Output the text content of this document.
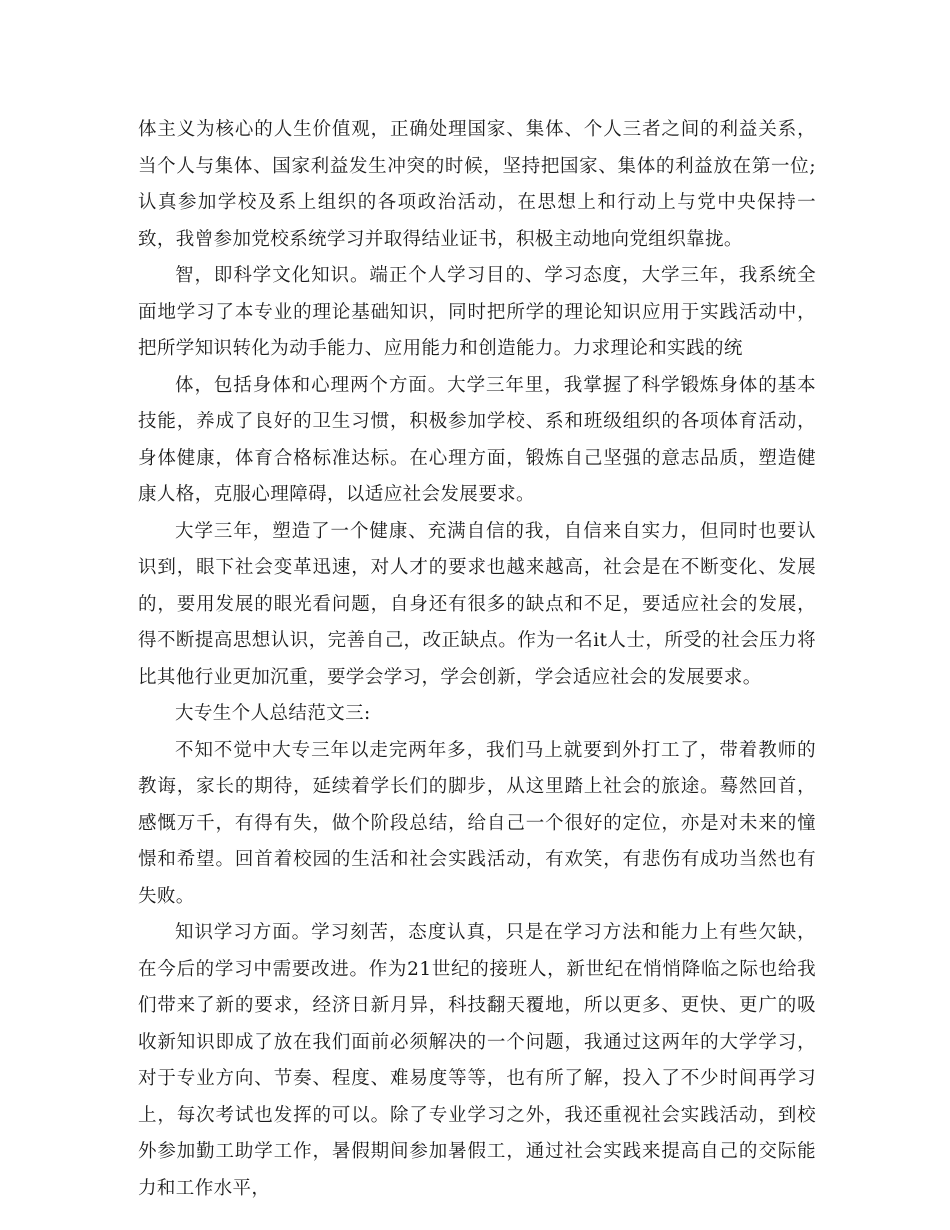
体主义为核心的人生价值观，正确处理国家、集体、个人三者之间的利益关系，当个人与集体、国家利益发生冲突的时候，坚持把国家、集体的利益放在第一位;认真参加学校及系上组织的各项政治活动，在思想上和行动上与党中央保持一致，我曾参加党校系统学习并取得结业证书，积极主动地向党组织靠拢。

智，即科学文化知识。端正个人学习目的、学习态度，大学三年，我系统全面地学习了本专业的理论基础知识，同时把所学的理论知识应用于实践活动中，把所学知识转化为动手能力、应用能力和创造能力。力求理论和实践的统

体，包括身体和心理两个方面。大学三年里，我掌握了科学锻炼身体的基本技能，养成了良好的卫生习惯，积极参加学校、系和班级组织的各项体育活动，身体健康，体育合格标准达标。在心理方面，锻炼自己坚强的意志品质，塑造健康人格，克服心理障碍，以适应社会发展要求。

大学三年，塑造了一个健康、充满自信的我，自信来自实力，但同时也要认识到，眼下社会变革迅速，对人才的要求也越来越高，社会是在不断变化、发展的，要用发展的眼光看问题，自身还有很多的缺点和不足，要适应社会的发展，得不断提高思想认识，完善自己，改正缺点。作为一名it人士，所受的社会压力将比其他行业更加沉重，要学会学习，学会创新，学会适应社会的发展要求。

大专生个人总结范文三:

不知不觉中大专三年以走完两年多，我们马上就要到外打工了，带着教师的教诲，家长的期待，延续着学长们的脚步，从这里踏上社会的旅途。蓦然回首，感慨万千，有得有失，做个阶段总结，给自己一个很好的定位，亦是对未来的憧憬和希望。回首着校园的生活和社会实践活动，有欢笑，有悲伤有成功当然也有失败。

知识学习方面。学习刻苦，态度认真，只是在学习方法和能力上有些欠缺，在今后的学习中需要改进。作为21世纪的接班人，新世纪在悄悄降临之际也给我们带来了新的要求，经济日新月异，科技翻天覆地，所以更多、更快、更广的吸收新知识即成了放在我们面前必须解决的一个问题，我通过这两年的大学学习，对于专业方向、节奏、程度、难易度等等，也有所了解，投入了不少时间再学习上，每次考试也发挥的可以。除了专业学习之外，我还重视社会实践活动，到校外参加勤工助学工作，暑假期间参加暑假工，通过社会实践来提高自己的交际能力和工作水平，
